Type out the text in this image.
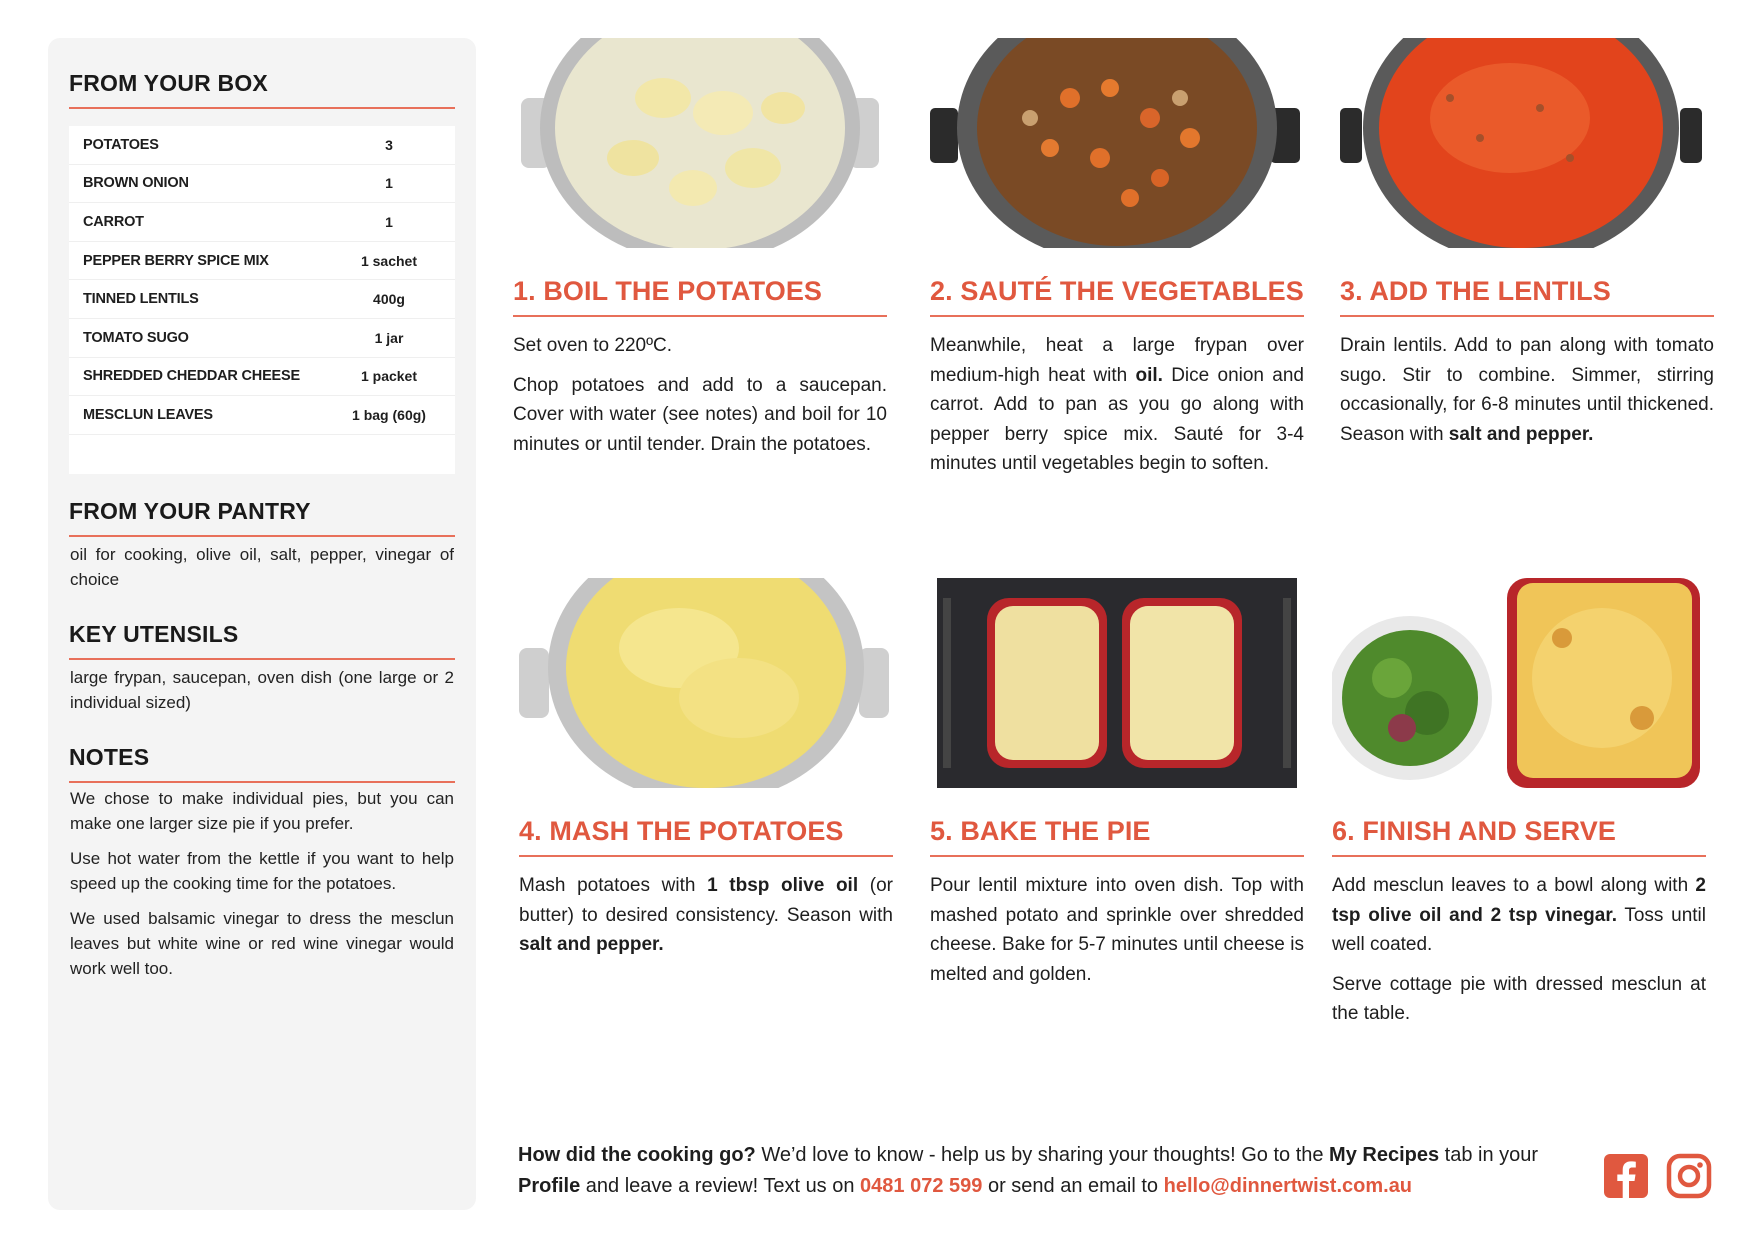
FROM YOUR BOX
POTATOES	3
BROWN ONION	1
CARROT	1
PEPPER BERRY SPICE MIX	1 sachet
TINNED LENTILS	400g
TOMATO SUGO	1 jar
SHREDDED CHEDDAR CHEESE	1 packet
MESCLUN LEAVES	1 bag (60g)
FROM YOUR PANTRY
oil for cooking, olive oil, salt, pepper, vinegar of choice
KEY UTENSILS
large frypan, saucepan, oven dish (one large or 2 individual sized)
NOTES

We chose to make individual pies, but you can make one larger size pie if you prefer.

Use hot water from the kettle if you want to help speed up the cooking time for the potatoes.

We used balsamic vinegar to dress the mesclun leaves but white wine or red wine vinegar would work well too.

1. BOIL THE POTATOES

Set oven to 220ºC.

Chop potatoes and add to a saucepan. Cover with water (see notes) and boil for 10 minutes or until tender. Drain the potatoes.

2. SAUTÉ THE VEGETABLES

Meanwhile, heat a large frypan over medium-high heat with oil. Dice onion and carrot. Add to pan as you go along with pepper berry spice mix. Sauté for 3-4 minutes until vegetables begin to soften.

3. ADD THE LENTILS

Drain lentils. Add to pan along with tomato sugo. Stir to combine. Simmer, stirring occasionally, for 6-8 minutes until thickened. Season with salt and pepper.

4. MASH THE POTATOES

Mash potatoes with 1 tbsp olive oil (or butter) to desired consistency. Season with salt and pepper.

5. BAKE THE PIE

Pour lentil mixture into oven dish. Top with mashed potato and sprinkle over shredded cheese. Bake for 5-7 minutes until cheese is melted and golden.

6. FINISH AND SERVE

Add mesclun leaves to a bowl along with 2 tsp olive oil and 2 tsp vinegar. Toss until well coated.

Serve cottage pie with dressed mesclun at the table.

How did the cooking go? We’d love to know - help us by sharing your thoughts! Go to the My Recipes tab in your Profile and leave a review! Text us on 0481 072 599 or send an email to hello@dinnertwist.com.au
